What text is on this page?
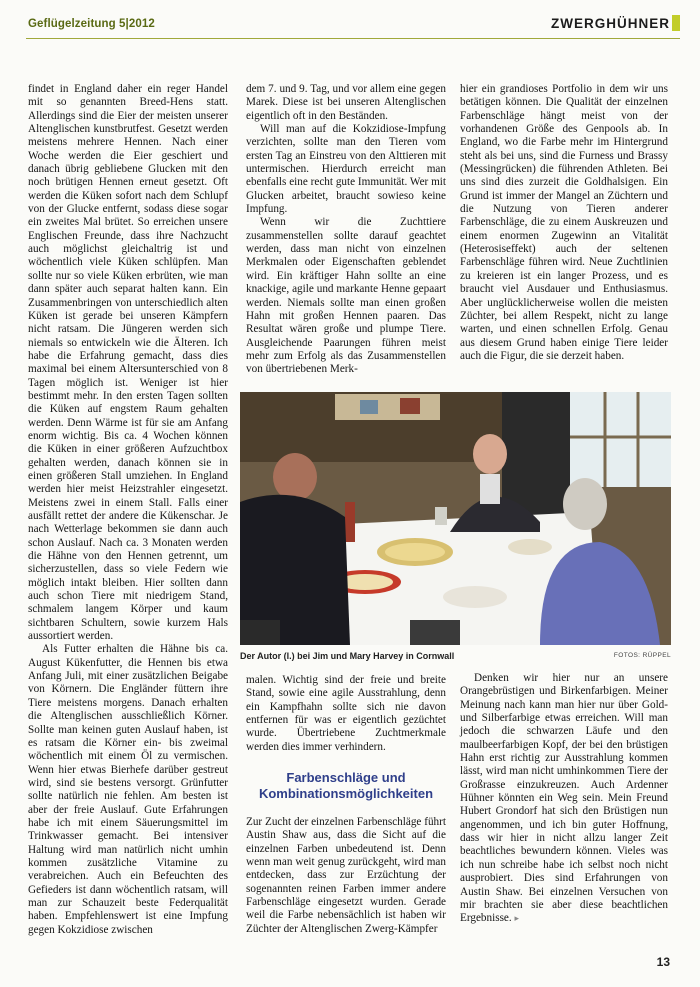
Geflügelzeitung 5|2012	ZWERGHÜHNER

findet in England daher ein reger Handel mit so genannten Breed-Hens statt. Allerdings sind die Eier der meisten unserer Altenglischen kunstbrutfest. Gesetzt werden meistens mehrere Hennen. Nach einer Woche werden die Eier geschiert und danach übrig gebliebene Glucken mit den noch brütigen Hennen erneut gesetzt. Oft werden die Küken sofort nach dem Schlupf von der Glucke entfernt, sodass diese sogar ein zweites Mal brütet. So erreichen unsere Englischen Freunde, dass ihre Nachzucht auch möglichst gleichaltrig ist und wöchentlich viele Küken schlüpfen. Man sollte nur so viele Küken erbrüten, wie man dann später auch separat halten kann. Ein Zusammenbringen von unterschiedlich alten Küken ist gerade bei unseren Kämpfern nicht ratsam. Die Jüngeren werden sich niemals so entwickeln wie die Älteren. Ich habe die Erfahrung gemacht, dass dies maximal bei einem Altersunterschied von 8 Tagen möglich ist. Weniger ist hier bestimmt mehr. In den ersten Tagen sollten die Küken auf engstem Raum gehalten werden. Denn Wärme ist für sie am Anfang enorm wichtig. Bis ca. 4 Wochen können die Küken in einer größeren Aufzuchtbox gehalten werden, danach können sie in einen größeren Stall umziehen. In England werden hier meist Heizstrahler eingesetzt. Meistens zwei in einem Stall. Falls einer ausfällt rettet der andere die Kükenschar. Je nach Wetterlage bekommen sie dann auch schon Auslauf. Nach ca. 3 Monaten werden die Hähne von den Hennen getrennt, um sicherzustellen, dass so viele Federn wie möglich intakt bleiben. Hier sollten dann auch schon Tiere mit niedrigem Stand, schmalem langem Körper und kaum sichtbaren Schultern, sowie kurzem Hals aussortiert werden.

Als Futter erhalten die Hähne bis ca. August Kükenfutter, die Hennen bis etwa Anfang Juli, mit einer zusätzlichen Beigabe von Körnern. Die Engländer füttern ihre Tiere meistens morgens. Danach erhalten die Altenglischen ausschließlich Körner. Sollte man keinen guten Auslauf haben, ist es ratsam die Körner ein- bis zweimal wöchentlich mit einem Öl zu vermischen. Wenn hier etwas Bierhefe darüber gestreut wird, sind sie bestens versorgt. Grünfutter sollte natürlich nie fehlen. Am besten ist aber der freie Auslauf. Gute Erfahrungen habe ich mit einem Säuerungsmittel im Trinkwasser gemacht. Bei intensiver Haltung wird man natürlich nicht umhin kommen zusätzliche Vitamine zu verabreichen. Auch ein Befeuchten des Gefieders ist dann wöchentlich ratsam, will man zur Schauzeit beste Federqualität haben. Empfehlenswert ist eine Impfung gegen Kokzidiose zwischen

dem 7. und 9. Tag, und vor allem eine gegen Marek. Diese ist bei unseren Altenglischen eigentlich oft in den Beständen.

Will man auf die Kokzidiose-Impfung verzichten, sollte man den Tieren vom ersten Tag an Einstreu von den Alttieren mit untermischen. Hierdurch erreicht man ebenfalls eine recht gute Immunität. Wer mit Glucken arbeitet, braucht sowieso keine Impfung.

Wenn wir die Zuchttiere zusammenstellen sollte darauf geachtet werden, dass man nicht von einzelnen Merkmalen oder Eigenschaften geblendet wird. Ein kräftiger Hahn sollte an eine knackige, agile und markante Henne gepaart werden. Niemals sollte man einen großen Hahn mit großen Hennen paaren. Das Resultat wären große und plumpe Tiere. Ausgleichende Paarungen führen meist mehr zum Erfolg als das Zusammenstellen von übertriebenen Merk-

hier ein grandioses Portfolio in dem wir uns betätigen können. Die Qualität der einzelnen Farbenschläge hängt meist von der vorhandenen Größe des Genpools ab. In England, wo die Farbe mehr im Hintergrund steht als bei uns, sind die Furness und Brassy (Messingrücken) die führenden Athleten. Bei uns sind dies zurzeit die Goldhalsigen. Ein Grund ist immer der Mangel an Züchtern und die Nutzung von Tieren anderer Farbenschläge, die zu einem Auskreuzen und einem enormen Zugewinn an Vitalität (Heterosiseffekt) auch der seltenen Farbenschläge führen wird. Neue Zuchtlinien zu kreieren ist ein langer Prozess, und es braucht viel Ausdauer und Enthusiasmus. Aber unglücklicherweise wollen die meisten Züchter, bei allem Respekt, nicht zu lange warten, und einen schnellen Erfolg. Genau aus diesem Grund haben einige Tiere leider auch die Figur, die sie derzeit haben.

Der Autor (l.) bei Jim und Mary Harvey in Cornwall	FOTOS: RÜPPEL

malen. Wichtig sind der freie und breite Stand, sowie eine agile Ausstrahlung, denn ein Kampfhahn sollte sich nie davon entfernen für was er eigentlich gezüchtet wurde. Übertriebene Zuchtmerkmale werden dies immer verhindern.

Farbenschläge und
Kombinationsmöglichkeiten

Zur Zucht der einzelnen Farbenschläge führt Austin Shaw aus, dass die Sicht auf die einzelnen Farben unbedeutend ist. Denn wenn man weit genug zurückgeht, wird man entdecken, dass zur Erzüchtung der sogenannten reinen Farben immer andere Farbenschläge eingesetzt wurden. Gerade weil die Farbe nebensächlich ist haben wir Züchter der Altenglischen Zwerg-Kämpfer

Denken wir hier nur an unsere Orangebrüstigen und Birkenfarbigen. Meiner Meinung nach kann man hier nur über Gold- und Silberfarbige etwas erreichen. Will man jedoch die schwarzen Läufe und den maulbeerfarbigen Kopf, der bei den brüstigen Hahn erst richtig zur Ausstrahlung kommen lässt, wird man nicht umhinkommen Tiere der Großrasse einzukreuzen. Auch Ardenner Hühner könnten ein Weg sein. Mein Freund Hubert Grondorf hat sich den Brüstigen nun angenommen, und ich bin guter Hoffnung, dass wir hier in nicht allzu langer Zeit beachtliches bewundern können. Vieles was ich nun schreibe habe ich selbst noch nicht ausprobiert. Dies sind Erfahrungen von Austin Shaw. Bei einzelnen Versuchen von mir brachten sie aber diese beachtlichen Ergebnisse. ▸

13
